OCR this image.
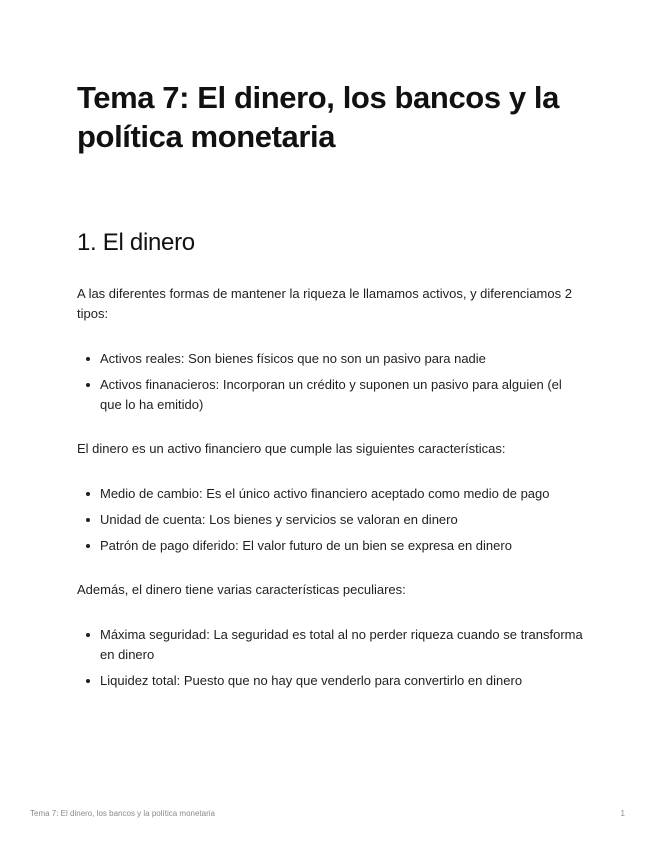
Tema 7: El dinero, los bancos y la política monetaria
1. El dinero

A las diferentes formas de mantener la riqueza le llamamos activos, y diferenciamos 2 tipos:

Activos reales: Son bienes físicos que no son un pasivo para nadie
Activos finanacieros: Incorporan un crédito y suponen un pasivo para alguien (el que lo ha emitido)

El dinero es un activo financiero que cumple las siguientes características:

Medio de cambio: Es el único activo financiero aceptado como medio de pago
Unidad de cuenta: Los bienes y servicios se valoran en dinero
Patrón de pago diferido: El valor futuro de un bien se expresa en dinero

Además, el dinero tiene varias características peculiares:

Máxima seguridad: La seguridad es total al no perder riqueza cuando se transforma en dinero
Liquidez total: Puesto que no hay que venderlo para convertirlo en dinero
Tema 7: El dinero, los bancos y la política monetaria	1
